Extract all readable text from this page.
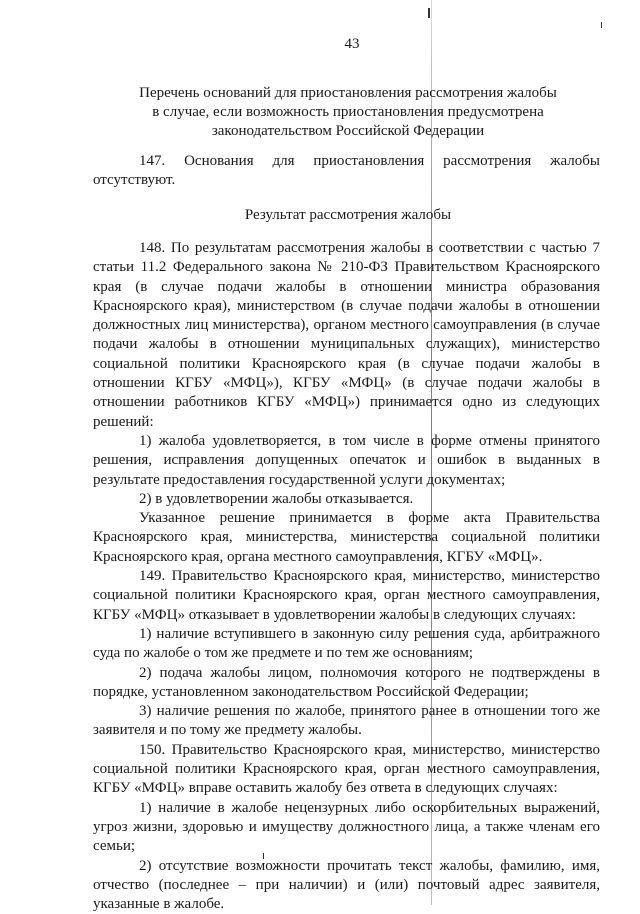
43
Перечень оснований для приостановления рассмотрения жалобы
в случае, если возможность приостановления предусмотрена
законодательством Российской Федерации

147. Основания для приостановления рассмотрения жалобы отсутствуют.

Результат рассмотрения жалобы

148. По результатам рассмотрения жалобы в соответствии с частью 7 статьи 11.2 Федерального закона № 210-ФЗ Правительством Красноярского края (в случае подачи жалобы в отношении министра образования Красноярского края), министерством (в случае подачи жалобы в отношении должностных лиц министерства), органом местного самоуправления (в случае подачи жалобы в отношении муниципальных служащих), министерство социальной политики Красноярского края (в случае подачи жалобы в отношении КГБУ «МФЦ»), КГБУ «МФЦ» (в случае подачи жалобы в отношении работников КГБУ «МФЦ») принимается одно из следующих решений:

1) жалоба удовлетворяется, в том числе в форме отмены принятого решения, исправления допущенных опечаток и ошибок в выданных в результате предоставления государственной услуги документах;

2) в удовлетворении жалобы отказывается.

Указанное решение принимается в форме акта Правительства Красноярского края, министерства, министерства социальной политики Красноярского края, органа местного самоуправления, КГБУ «МФЦ».

149. Правительство Красноярского края, министерство, министерство социальной политики Красноярского края, орган местного самоуправления, КГБУ «МФЦ» отказывает в удовлетворении жалобы в следующих случаях:

1) наличие вступившего в законную силу решения суда, арбитражного суда по жалобе о том же предмете и по тем же основаниям;

2) подача жалобы лицом, полномочия которого не подтверждены в порядке, установленном законодательством Российской Федерации;

3) наличие решения по жалобе, принятого ранее в отношении того же заявителя и по тому же предмету жалобы.

150. Правительство Красноярского края, министерство, министерство социальной политики Красноярского края, орган местного самоуправления, КГБУ «МФЦ» вправе оставить жалобу без ответа в следующих случаях:

1) наличие в жалобе нецензурных либо оскорбительных выражений, угроз жизни, здоровью и имуществу должностного лица, а также членам его семьи;

2) отсутствие возможности прочитать текст жалобы, фамилию, имя, отчество (последнее – при наличии) и (или) почтовый адрес заявителя, указанные в жалобе.
